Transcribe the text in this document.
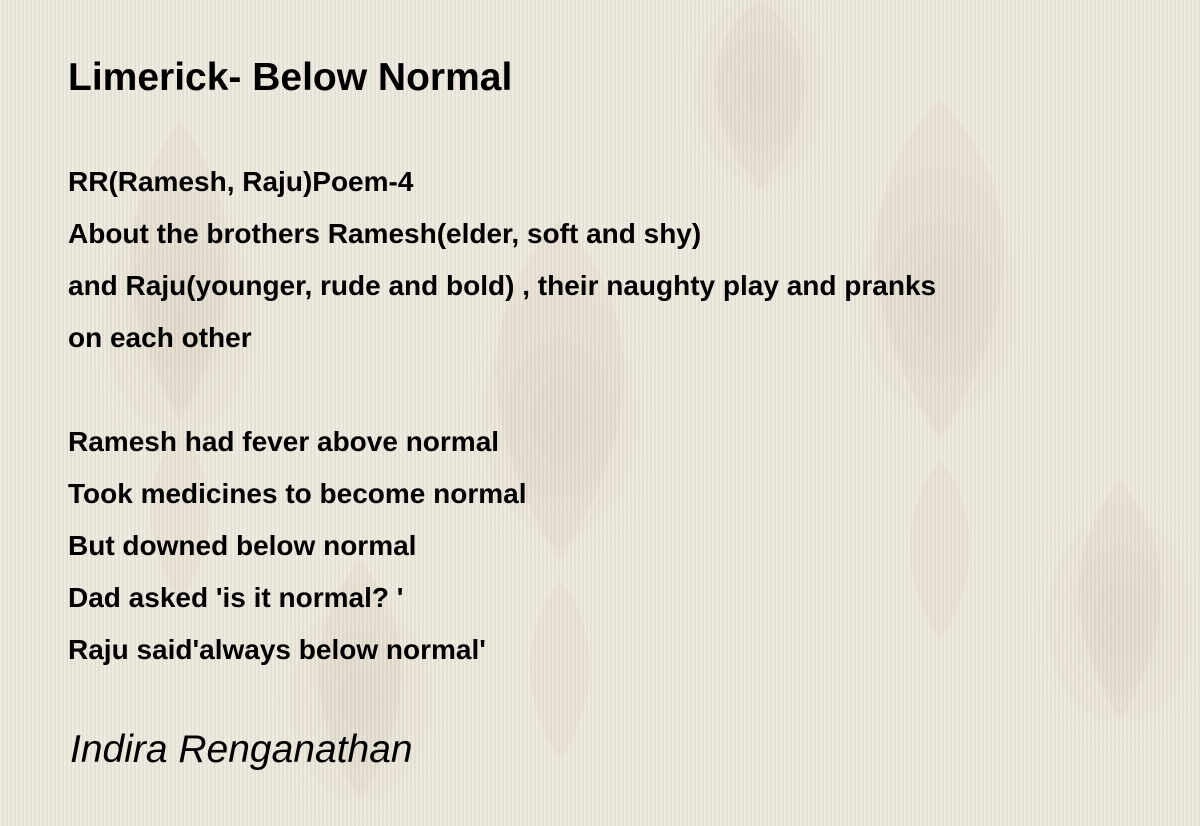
Limerick- Below Normal
RR(Ramesh, Raju)Poem-4
About the brothers Ramesh(elder, soft and shy)
and Raju(younger, rude and bold) , their naughty play and pranks
on each other
Ramesh had fever above normal
Took medicines to become normal
But downed below normal
Dad asked 'is it normal? '
Raju said'always below normal'
Indira Renganathan
